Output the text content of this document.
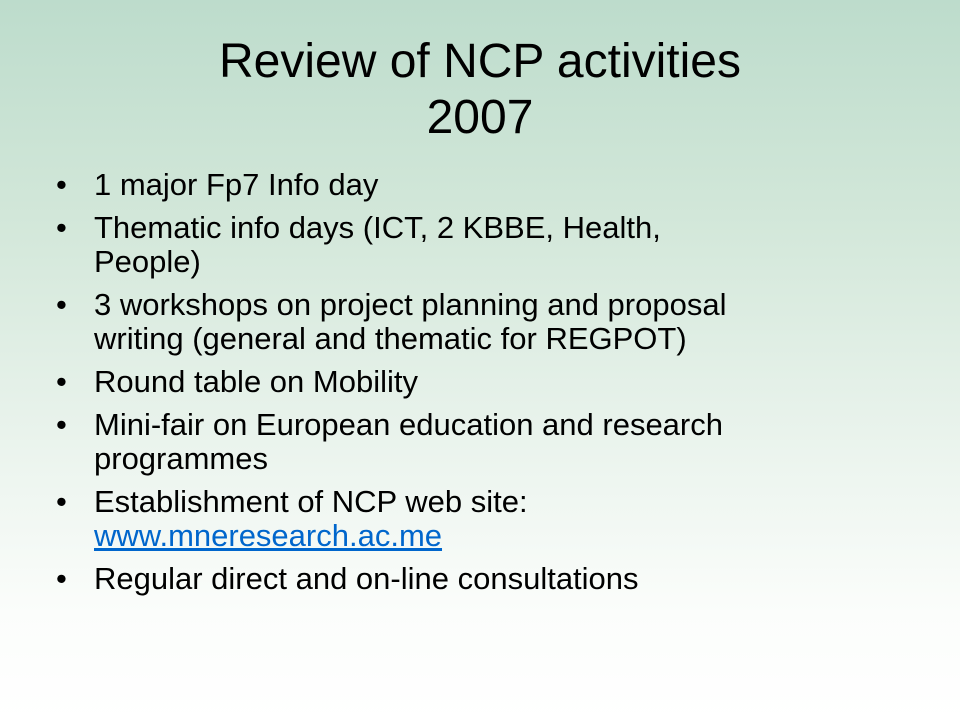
Review of NCP activities
2007
• 1 major Fp7 Info day
• Thematic info days (ICT, 2 KBBE, Health,
People)
• 3 workshops on project planning and proposal
writing (general and thematic for REGPOT)
• Round table on Mobility
• Mini-fair on European education and research
programmes
• Establishment of NCP web site:
www.mneresearch.ac.me
• Regular direct and on-line consultations
